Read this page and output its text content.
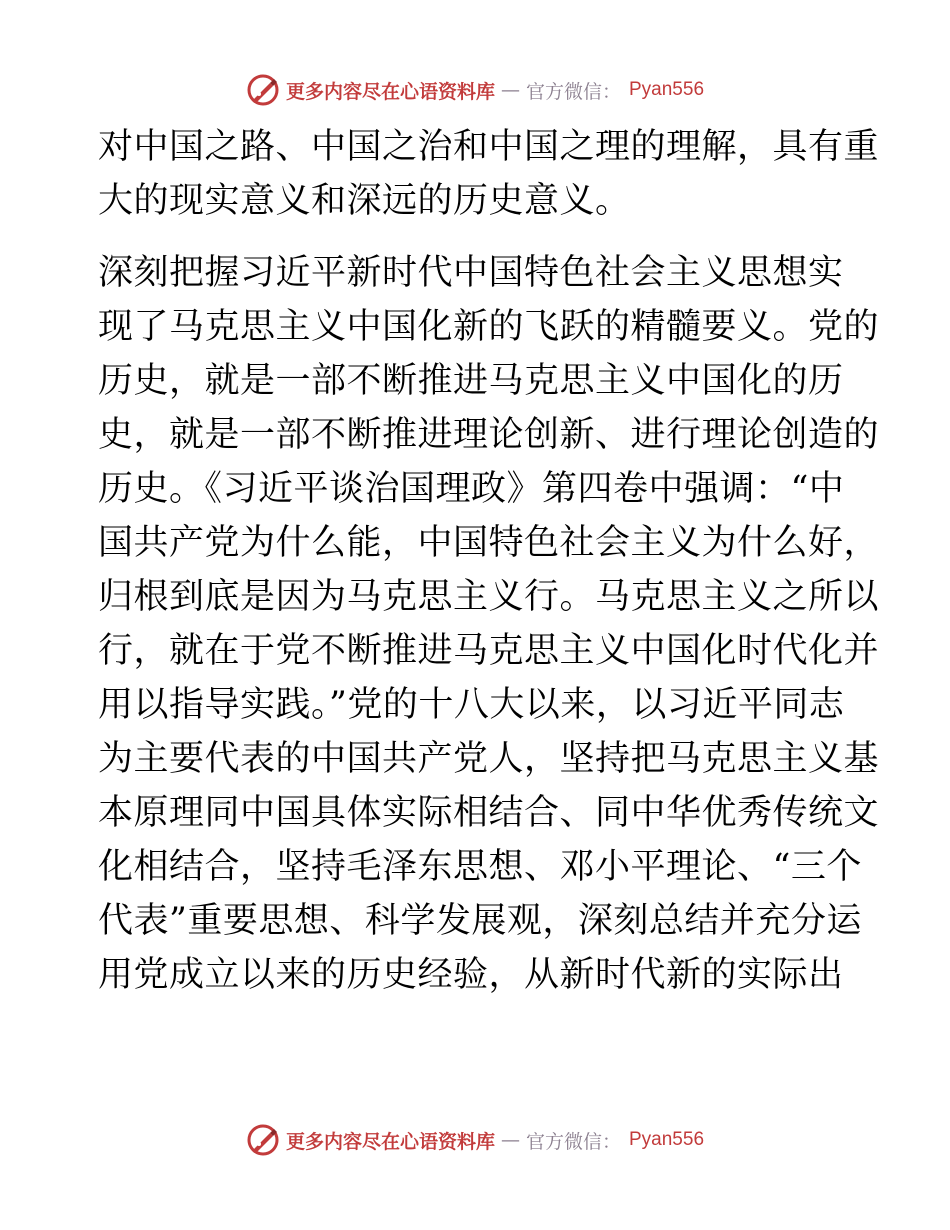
更多内容尽在心语资料库 — 官方微信： Pyan556

对中国之路、中国之治和中国之理的理解，具有重

大的现实意义和深远的历史意义。

深刻把握习近平新时代中国特色社会主义思想实

现了马克思主义中国化新的飞跃的精髓要义。党的

历史，就是一部不断推进马克思主义中国化的历

史，就是一部不断推进理论创新、进行理论创造的

历史。《习近平谈治国理政》第四卷中强调：“中

国共产党为什么能，中国特色社会主义为什么好，

归根到底是因为马克思主义行。马克思主义之所以

行，就在于党不断推进马克思主义中国化时代化并

用以指导实践。”党的十八大以来，以习近平同志

为主要代表的中国共产党人，坚持把马克思主义基

本原理同中国具体实际相结合、同中华优秀传统文

化相结合，坚持毛泽东思想、邓小平理论、“三个

代表”重要思想、科学发展观，深刻总结并充分运

用党成立以来的历史经验，从新时代新的实际出

更多内容尽在心语资料库 — 官方微信： Pyan556
